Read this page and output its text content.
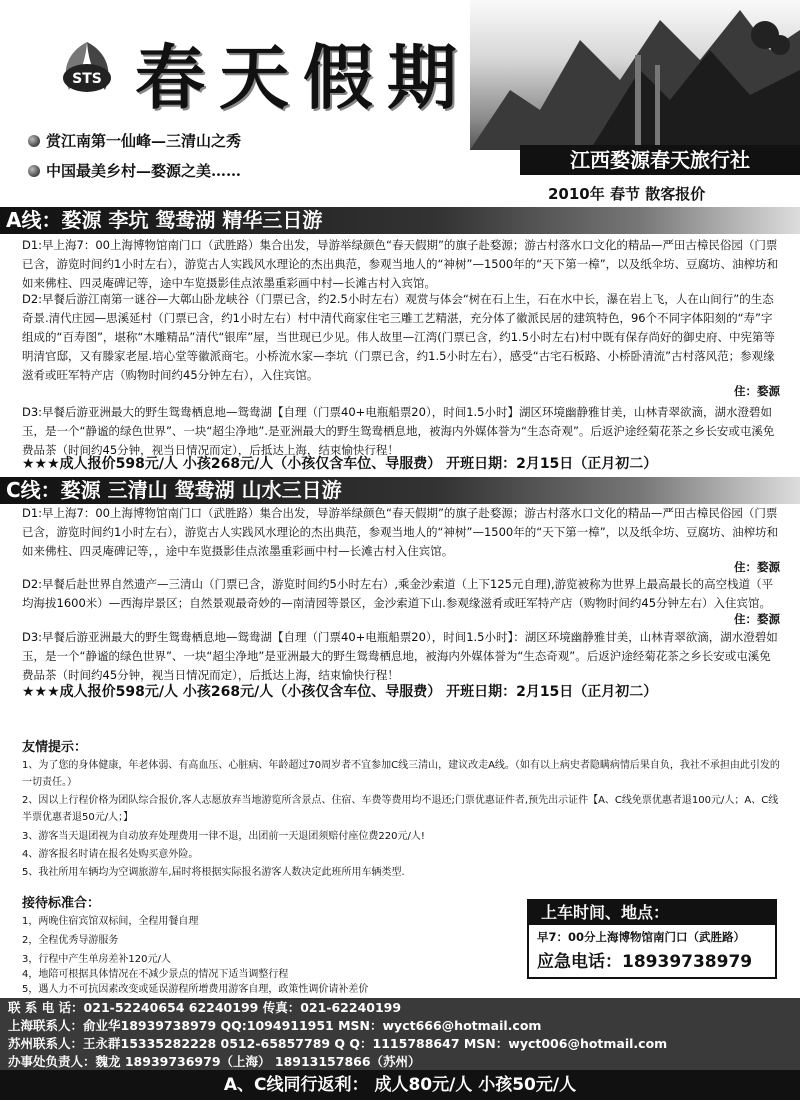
STS 春天假期
赏江南第一仙峰—三清山之秀
中国最美乡村—婺源之美……	江西婺源春天旅行社
2010年 春节 散客报价
A线：婺源 李坑 鸳鸯湖 精华三日游
D1:早上海7：00上海博物馆南门口（武胜路）集合出发，导游举绿颜色“春天假期”的旗子赴婺源；游古村落水口文化的精品—严田古樟民俗园（门票已含，游览时间约1小时左右），游览古人实践风水理论的杰出典范，参观当地人的“神树”—1500年的“天下第一樟”，以及纸伞坊、豆腐坊、油榨坊和如来佛柱、四灵庵碑记等，途中车览摄影佳点浓墨重彩画中村—长滩古村入宾馆。
D2:早餐后游江南第一谜谷—大鄣山卧龙峡谷（门票已含，约2.5小时左右）观赏与体会“树在石上生，石在水中长，瀑在岩上飞，人在山间行”的生态奇景.清代庄园—思溪延村（门票已含，约1小时左右）村中清代商家住宅三雕工艺精湛，充分体了徽派民居的建筑特色，96个不同字体阳刻的“寿”字组成的“百寿图”，堪称“木雕精品”清代“银库”屋，当世现已少见。伟人故里—江湾(门票已含，约1.5小时左右)村中既有保存尚好的御史府、中宪第等明清官邸，又有滕家老屋.培心堂等徽派商宅。小桥流水家—李坑（门票已含，约1.5小时左右），感受“古宅石板路、小桥卧清流”古村落风范；参观缘滋肴或旺军特产店（购物时间约45分钟左右），入住宾馆。
住：婺源
D3:早餐后游亚洲最大的野生鸳鸯栖息地—鸳鸯湖【自理（门票40+电瓶船票20），时间1.5小时】湖区环境幽静雅甘美，山林青翠欲滴，湖水澄碧如玉，是一个“静谧的绿色世界”、一块“超尘净地”.是亚洲最大的野生鸳鸯栖息地，被海内外媒体誉为“生态奇观”。后返沪途经菊花茶之乡长安或屯溪免费品茶（时间约45分钟，视当日情况而定），后抵达上海，结束愉快行程！
★★★成人报价598元/人 小孩268元/人（小孩仅含车位、导服费） 开班日期：2月15日（正月初二）
C线：婺源 三清山 鸳鸯湖 山水三日游
D1:早上海7：00上海博物馆南门口（武胜路）集合出发，导游举绿颜色“春天假期”的旗子赴婺源；游古村落水口文化的精品—严田古樟民俗园（门票已含，游览时间约1小时左右），游览古人实践风水理论的杰出典范，参观当地人的“神树”—1500年的“天下第一樟”，以及纸伞坊、豆腐坊、油榨坊和如来佛柱、四灵庵碑记等，，途中车览摄影佳点浓墨重彩画中村—长滩古村入住宾馆。
住：婺源
D2:早餐后赴世界自然遗产—三清山（门票已含，游览时间约5小时左右）,乘金沙索道（上下125元自理),游览被称为世界上最高最长的高空栈道（平均海拔1600米）—西海岸景区；自然景观最奇妙的—南清园等景区，金沙索道下山.参观缘滋肴或旺军特产店（购物时间约45分钟左右）入住宾馆。
住：婺源
D3:早餐后游亚洲最大的野生鸳鸯栖息地—鸳鸯湖【自理（门票40+电瓶船票20），时间1.5小时】：湖区环境幽静雅甘美，山林青翠欲滴，湖水澄碧如玉，是一个“静谧的绿色世界”、一块“超尘净地”是亚洲最大的野生鸳鸯栖息地，被海内外媒体誉为“生态奇观”。后返沪途经菊花茶之乡长安或屯溪免费品茶（时间约45分钟，视当日情况而定），后抵达上海，结束愉快行程！
★★★成人报价598元/人 小孩268元/人（小孩仅含车位、导服费） 开班日期：2月15日（正月初二）
友情提示：
1、为了您的身体健康，年老体弱、有高血压、心脏病、年龄超过70周岁者不宜参加C线三清山，建议改走A线。（如有以上病史者隐瞒病情后果自负，我社不承担由此引发的一切责任。）
2、因以上行程价格为团队综合报价,客人志愿放弃当地游览所含景点、住宿、车费等费用均不退还;门票优惠证件者,预先出示证件【A、C线免票优惠者退100元/人；A、C线半票优惠者退50元/人；】
3、游客当天退团视为自动放弃处理费用一律不退，出团前一天退团须赔付座位费220元/人!
4、游客报名时请在报名处购买意外险。
5、我社所用车辆均为空调旅游车,届时将根据实际报名游客人数决定此班所用车辆类型.
接待标准合：
1，两晚住宿宾馆双标间，全程用餐自理
2，全程优秀导游服务
3，行程中产生单房差补120元/人
4，地陪可根据具体情况在不减少景点的情况下适当调整行程
5，遇人力不可抗因素改变或延误游程所增费用游客自理，政策性调价请补差价
上车时间、地点：
早7：00分上海博物馆南门口（武胜路）
应急电话：18939738979
联 系 电 话：021-52240654 62240199 传真：021-62240199
上海联系人：俞业华18939738979 QQ:1094911951 MSN：wyct666@hotmail.com
苏州联系人：王永群15335282228 0512-65857789 Q Q：1115788647 MSN：wyct006@hotmail.com
办事处负责人：魏龙 18939736979（上海） 18913157866（苏州）
A、C线同行返利： 成人80元/人 小孩50元/人
